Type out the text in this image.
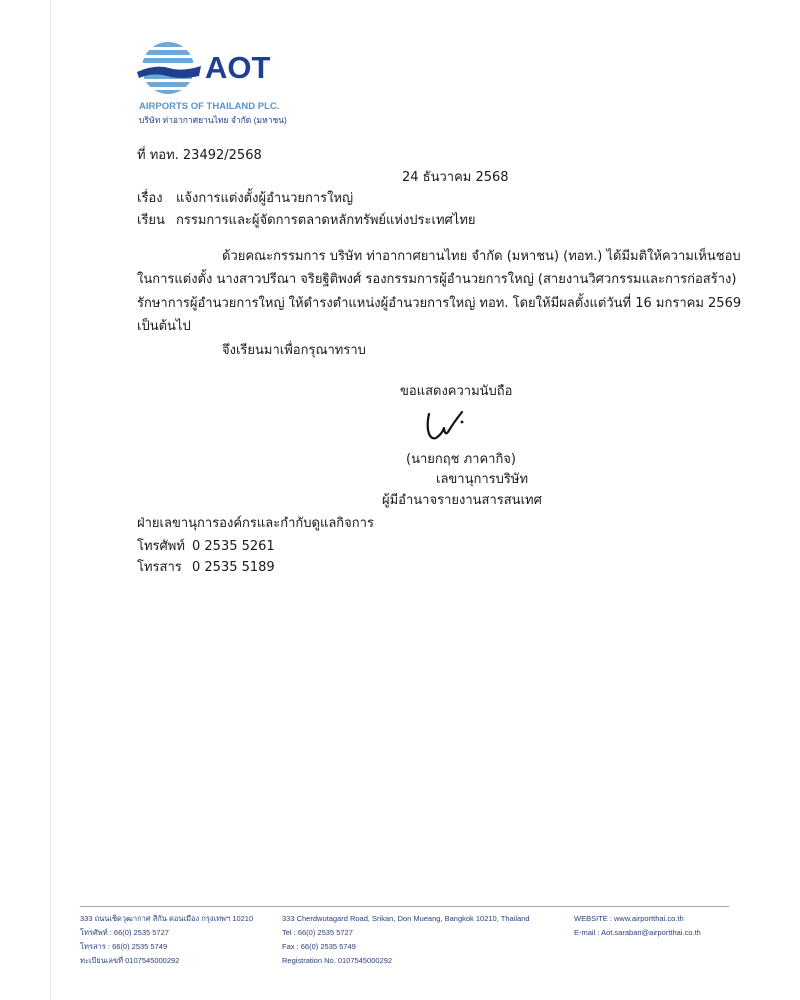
AOT
AIRPORTS OF THAILAND PLC.
บริษัท ท่าอากาศยานไทย จำกัด (มหาชน)
ที่ ทอท. 23492/2568
24 ธันวาคม 2568
เรื่อง แจ้งการแต่งตั้งผู้อำนวยการใหญ่
เรียน กรรมการและผู้จัดการตลาดหลักทรัพย์แห่งประเทศไทย
ด้วยคณะกรรมการ บริษัท ท่าอากาศยานไทย จำกัด (มหาชน) (ทอท.) ได้มีมติให้ความเห็นชอบ
ในการแต่งตั้ง นางสาวปรีณา จริยฐิติพงศ์ รองกรรมการผู้อำนวยการใหญ่ (สายงานวิศวกรรมและการก่อสร้าง)
รักษาการผู้อำนวยการใหญ่ ให้ดำรงตำแหน่งผู้อำนวยการใหญ่ ทอท. โดยให้มีผลตั้งแต่วันที่ 16 มกราคม 2569
เป็นต้นไป
จึงเรียนมาเพื่อกรุณาทราบ
ขอแสดงความนับถือ
(นายกฤช ภาคากิจ)
เลขานุการบริษัท
ผู้มีอำนาจรายงานสารสนเทศ
ฝ่ายเลขานุการองค์กรและกำกับดูแลกิจการ
โทรศัพท์ 0 2535 5261
โทรสาร 0 2535 5189
333 ถนนเชิดวุฒากาศ สีกัน ดอนเมือง กรุงเทพฯ 10210
โทรศัพท์ : 66(0) 2535 5727
โทรสาร : 66(0) 2535 5749
ทะเบียนเลขที่ 0107545000292
333 Cherdwutagard Road, Srikan, Don Mueang, Bangkok 10210, Thailand
Tel : 66(0) 2535 5727
Fax : 66(0) 2535 5749
Registration No. 0107545000292
WEBSITE : www.airportthai.co.th
E-mail : Aot.saraban@airportthai.co.th
